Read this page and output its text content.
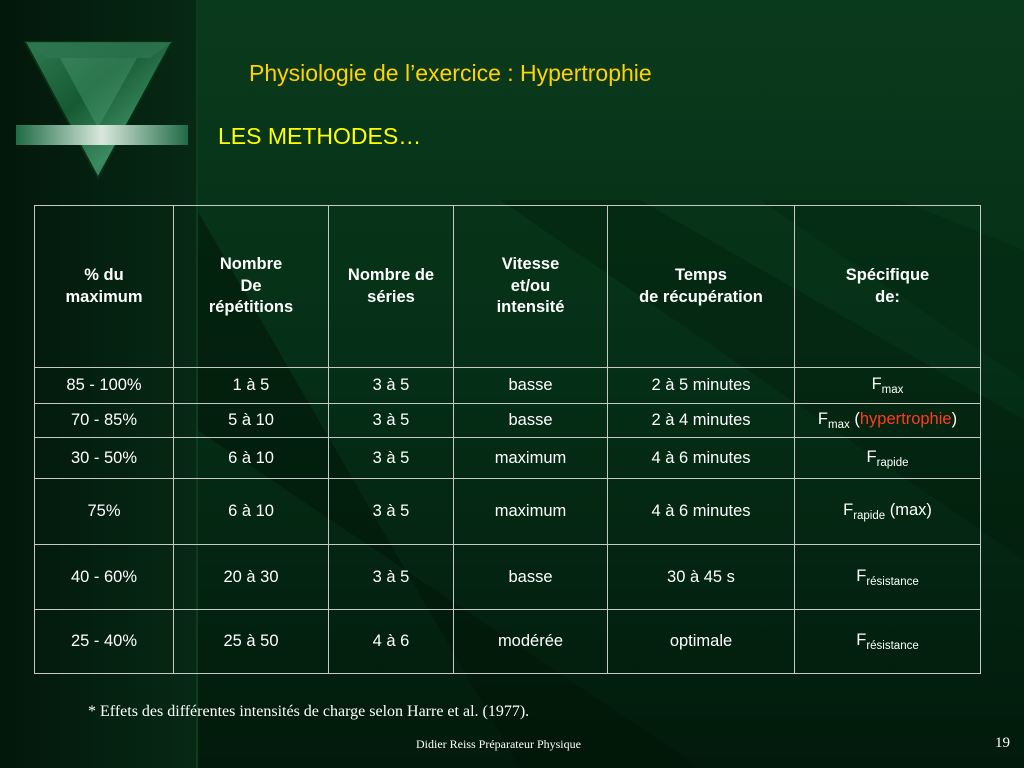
Physiologie de l’exercice : Hypertrophie
LES METHODES…
% du
maximum	Nombre
De
répétitions	Nombre de
séries	Vitesse
et/ou
intensité	Temps
de récupération	Spécifique
de:

85 - 100%	1 à 5	3 à 5	basse	2 à 5 minutes	$F_{max}$
70 - 85%	5 à 10	3 à 5	basse	2 à 4 minutes	$F_{max}$ (hypertrophie)
30 - 50%	6 à 10	3 à 5	maximum	4 à 6 minutes	$F_{rapide}$
75%	6 à 10	3 à 5	maximum	4 à 6 minutes	$F_{rapide}$ (max)
40 - 60%	20 à 30	3 à 5	basse	30 à 45 s	$F_{résistance}$
25 - 40%	25 à 50	4 à 6	modérée	optimale	$F_{résistance}$
* Effets des différentes intensités de charge selon Harre et al. (1977).
Didier Reiss Préparateur Physique	19
